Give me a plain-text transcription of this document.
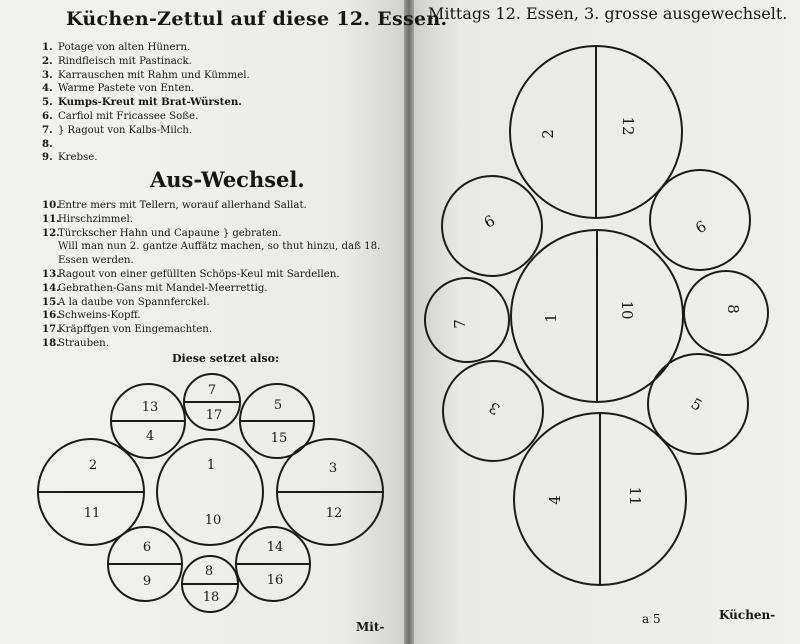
Küchen-Zettul auf diese 12. Essen.
1. Potage von alten Hünern.
2. Rindfleisch mit Pastinack.
3. Karrauschen mit Rahm und Kümmel.
4. Warme Pastete von Enten.
5. Kumps-Kreut mit Brat-Würsten.
6. Carfiol mit Fricassee Soße.
7. } Ragout von Kalbs-Milch.
8.
9. Krebse.
Aus-Wechsel.
10.Entre mers mit Tellern, worauf allerhand Sallat.
11.Hirschzimmel.
12.Türckscher Hahn und Capaune } gebraten.
Will man nun 2. gantze Auffätz machen, so thut hinzu, daß 18.
Essen werden.
13.Ragout von einer gefüllten Schöps-Keul mit Sardellen.
14.Gebrathen-Gans mit Mandel-Meerrettig.
15.A la daube von Spannferckel.
16.Schweins-Kopff.
17.Kräpffgen von Eingemachten.
18.Strauben.
Diese setzet also:
Mit-
Mittags 12. Essen, 3. grosse ausgewechselt.
a 5	Küchen-
13
4
7
17
5
15
2
11
1
10
3
12
6
9
8
18
14
16
2	12
6	9
7
1	10	8
3	5
4	11
